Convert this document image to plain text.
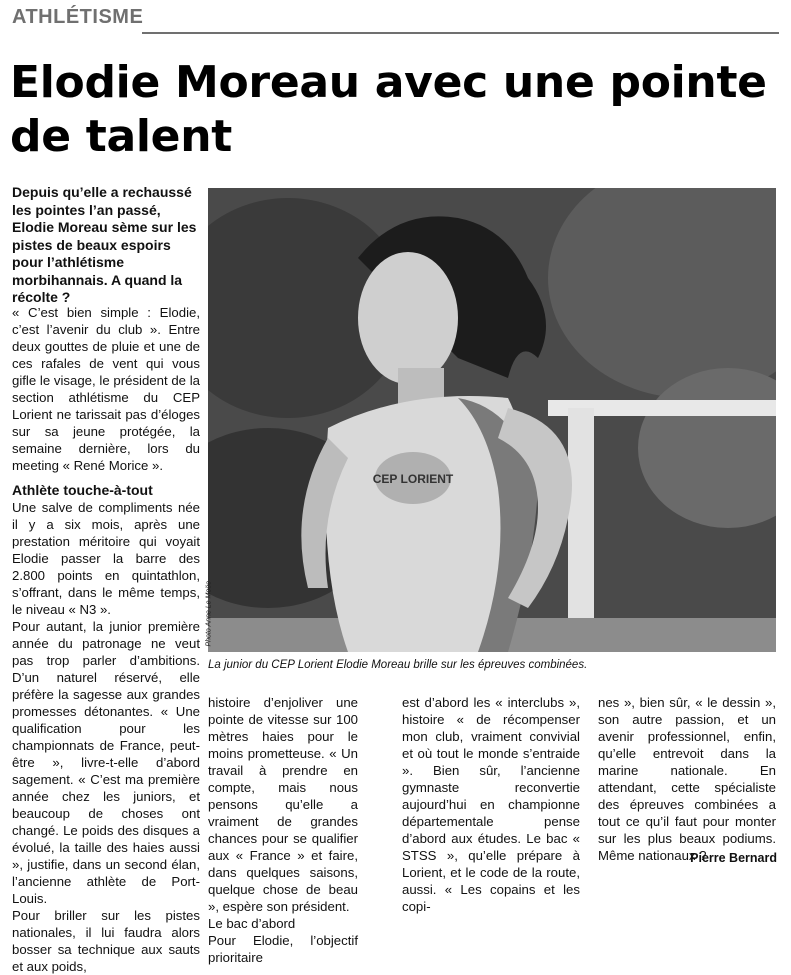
ATHLÉTISME
Elodie Moreau avec une pointe de talent

Depuis qu’elle a rechaussé les pointes l’an passé, Elodie Moreau sème sur les pistes de beaux espoirs pour l’athlétisme morbihannais. A quand la récolte ?

« C’est bien simple : Elodie, c’est l’avenir du club ». Entre deux gouttes de pluie et une de ces rafales de vent qui vous gifle le visage, le président de la section athlétisme du CEP Lorient ne tarissait pas d’éloges sur sa jeune protégée, la semaine dernière, lors du meeting « René Morice ».

Athlète touche-à-tout

Une salve de compliments née il y a six mois, après une prestation méritoire qui voyait Elodie passer la barre des 2.800 points en quintathlon, s’offrant, dans le même temps, le niveau « N3 ».

Pour autant, la junior première année du patronage ne veut pas trop parler d’ambitions. D’un naturel réservé, elle préfère la sagesse aux grandes promesses détonantes. « Une qualification pour les championnats de France, peut-être », livre-t-elle d’abord sagement. « C’est ma première année chez les juniors, et beaucoup de choses ont changé. Le poids des disques a évolué, la taille des haies aussi », justifie, dans un second élan, l’ancienne athlète de Port-Louis.

Pour briller sur les pistes nationales, il lui faudra alors bosser sa technique aux sauts et aux poids,

CEP LORIENT
Photo Anne Le Moëe

La junior du CEP Lorient Elodie Moreau brille sur les épreuves combinées.

histoire d’enjoliver une pointe de vitesse sur 100 mètres haies pour le moins prometteuse. « Un travail à prendre en compte, mais nous pensons qu’elle a vraiment de grandes chances pour se qualifier aux « France » et faire, dans quelques saisons, quelque chose de beau », espère son président.

Le bac d’abord

Pour Elodie, l’objectif prioritaire

est d’abord les « interclubs », histoire « de récompenser mon club, vraiment convivial et où tout le monde s’entraide ». Bien sûr, l’ancienne gymnaste reconvertie aujourd’hui en championne départementale pense d’abord aux études. Le bac « STSS », qu’elle prépare à Lorient, et le code de la route, aussi. « Les copains et les copi-

nes », bien sûr, « le dessin », son autre passion, et un avenir professionnel, enfin, qu’elle entrevoit dans la marine nationale. En attendant, cette spécialiste des épreuves combinées a tout ce qu’il faut pour monter sur les plus beaux podiums. Même nationaux ?

Pierre Bernard
